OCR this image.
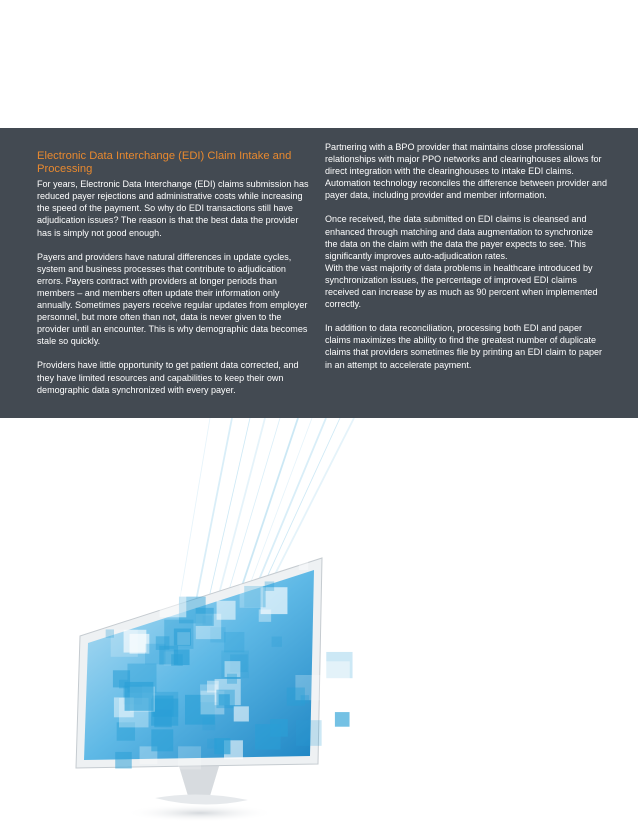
Electronic Data Interchange (EDI) Claim Intake and Processing

For years, Electronic Data Interchange (EDI) claims submission has reduced payer rejections and administrative costs while increasing the speed of the payment. So why do EDI transactions still have adjudication issues? The reason is that the best data the provider has is simply not good enough.

Payers and providers have natural differences in update cycles, system and business processes that contribute to adjudication errors. Payers contract with providers at longer periods than members – and members often update their information only annually. Sometimes payers receive regular updates from employer personnel, but more often than not, data is never given to the provider until an encounter. This is why demographic data becomes stale so quickly.

Providers have little opportunity to get patient data corrected, and they have limited resources and capabilities to keep their own demographic data synchronized with every payer.

Partnering with a BPO provider that maintains close professional relationships with major PPO networks and clearinghouses allows for direct integration with the clearinghouses to intake EDI claims. Automation technology reconciles the difference between provider and payer data, including provider and member information.

Once received, the data submitted on EDI claims is cleansed and enhanced through matching and data augmentation to synchronize the data on the claim with the data the payer expects to see. This significantly improves auto-adjudication rates.

With the vast majority of data problems in healthcare introduced by synchronization issues, the percentage of improved EDI claims received can increase by as much as 90 percent when implemented correctly.

In addition to data reconciliation, processing both EDI and paper claims maximizes the ability to find the greatest number of duplicate claims that providers sometimes file by printing an EDI claim to paper in an attempt to accelerate payment.
